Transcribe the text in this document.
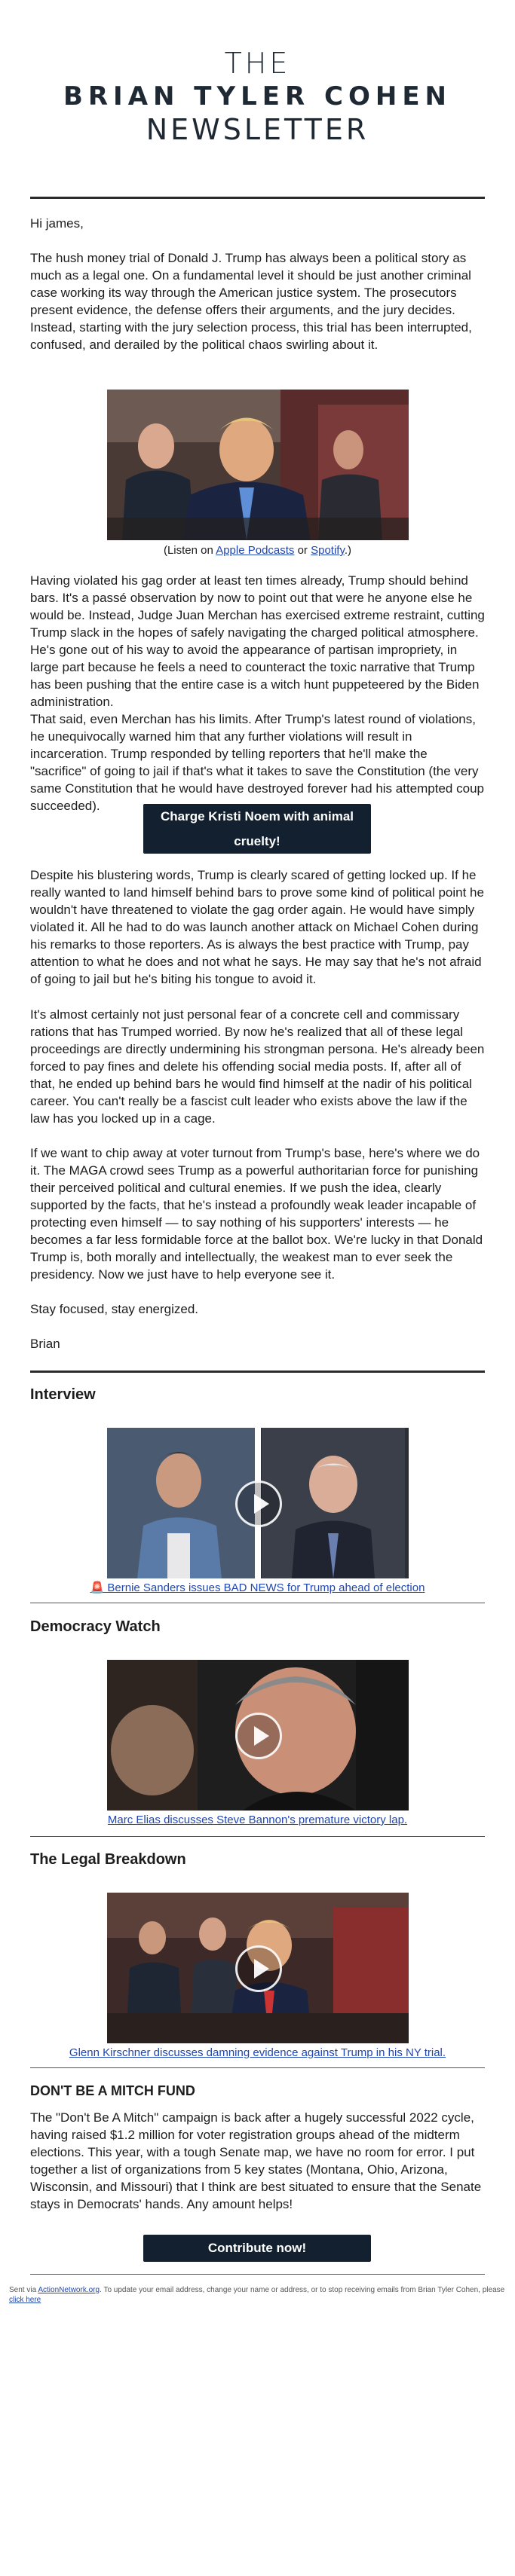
THE
BRIAN TYLER COHEN
NEWSLETTER
Hi james,
The hush money trial of Donald J. Trump has always been a political story as much as a legal one. On a fundamental level it should be just another criminal case working its way through the American justice system. The prosecutors present evidence, the defense offers their arguments, and the jury decides. Instead, starting with the jury selection process, this trial has been interrupted, confused, and derailed by the political chaos swirling about it.
(Listen on Apple Podcasts or Spotify.)
Having violated his gag order at least ten times already, Trump should behind bars. It's a passé observation by now to point out that were he anyone else he would be. Instead, Judge Juan Merchan has exercised extreme restraint, cutting Trump slack in the hopes of safely navigating the charged political atmosphere. He's gone out of his way to avoid the appearance of partisan impropriety, in large part because he feels a need to counteract the toxic narrative that Trump has been pushing that the entire case is a witch hunt puppeteered by the Biden administration.
That said, even Merchan has his limits. After Trump's latest round of violations, he unequivocally warned him that any further violations will result in incarceration. Trump responded by telling reporters that he'll make the "sacrifice" of going to jail if that's what it takes to save the Constitution (the very same Constitution that he would have destroyed forever had his attempted coup succeeded).
Charge Kristi Noem with animal
cruelty!
Despite his blustering words, Trump is clearly scared of getting locked up. If he really wanted to land himself behind bars to prove some kind of political point he wouldn't have threatened to violate the gag order again. He would have simply violated it. All he had to do was launch another attack on Michael Cohen during his remarks to those reporters. As is always the best practice with Trump, pay attention to what he does and not what he says. He may say that he's not afraid of going to jail but he's biting his tongue to avoid it.
It's almost certainly not just personal fear of a concrete cell and commissary rations that has Trumped worried. By now he's realized that all of these legal proceedings are directly undermining his strongman persona. He's already been forced to pay fines and delete his offending social media posts. If, after all of that, he ended up behind bars he would find himself at the nadir of his political career. You can't really be a fascist cult leader who exists above the law if the law has you locked up in a cage.
If we want to chip away at voter turnout from Trump's base, here's where we do it. The MAGA crowd sees Trump as a powerful authoritarian force for punishing their perceived political and cultural enemies. If we push the idea, clearly supported by the facts, that he's instead a profoundly weak leader incapable of protecting even himself — to say nothing of his supporters' interests — he becomes a far less formidable force at the ballot box. We're lucky in that Donald Trump is, both morally and intellectually, the weakest man to ever seek the presidency. Now we just have to help everyone see it.
Stay focused, stay energized.
Brian
Interview
🚨 Bernie Sanders issues BAD NEWS for Trump ahead of election
Democracy Watch
Marc Elias discusses Steve Bannon's premature victory lap.
The Legal Breakdown
Glenn Kirschner discusses damning evidence against Trump in his NY trial.
DON'T BE A MITCH FUND
The "Don't Be A Mitch" campaign is back after a hugely successful 2022 cycle, having raised $1.2 million for voter registration groups ahead of the midterm elections. This year, with a tough Senate map, we have no room for error. I put together a list of organizations from 5 key states (Montana, Ohio, Arizona, Wisconsin, and Missouri) that I think are best situated to ensure that the Senate stays in Democrats' hands. Any amount helps!
Contribute now!
Sent via ActionNetwork.org. To update your email address, change your name or address, or to stop receiving emails from Brian Tyler Cohen, please click here
